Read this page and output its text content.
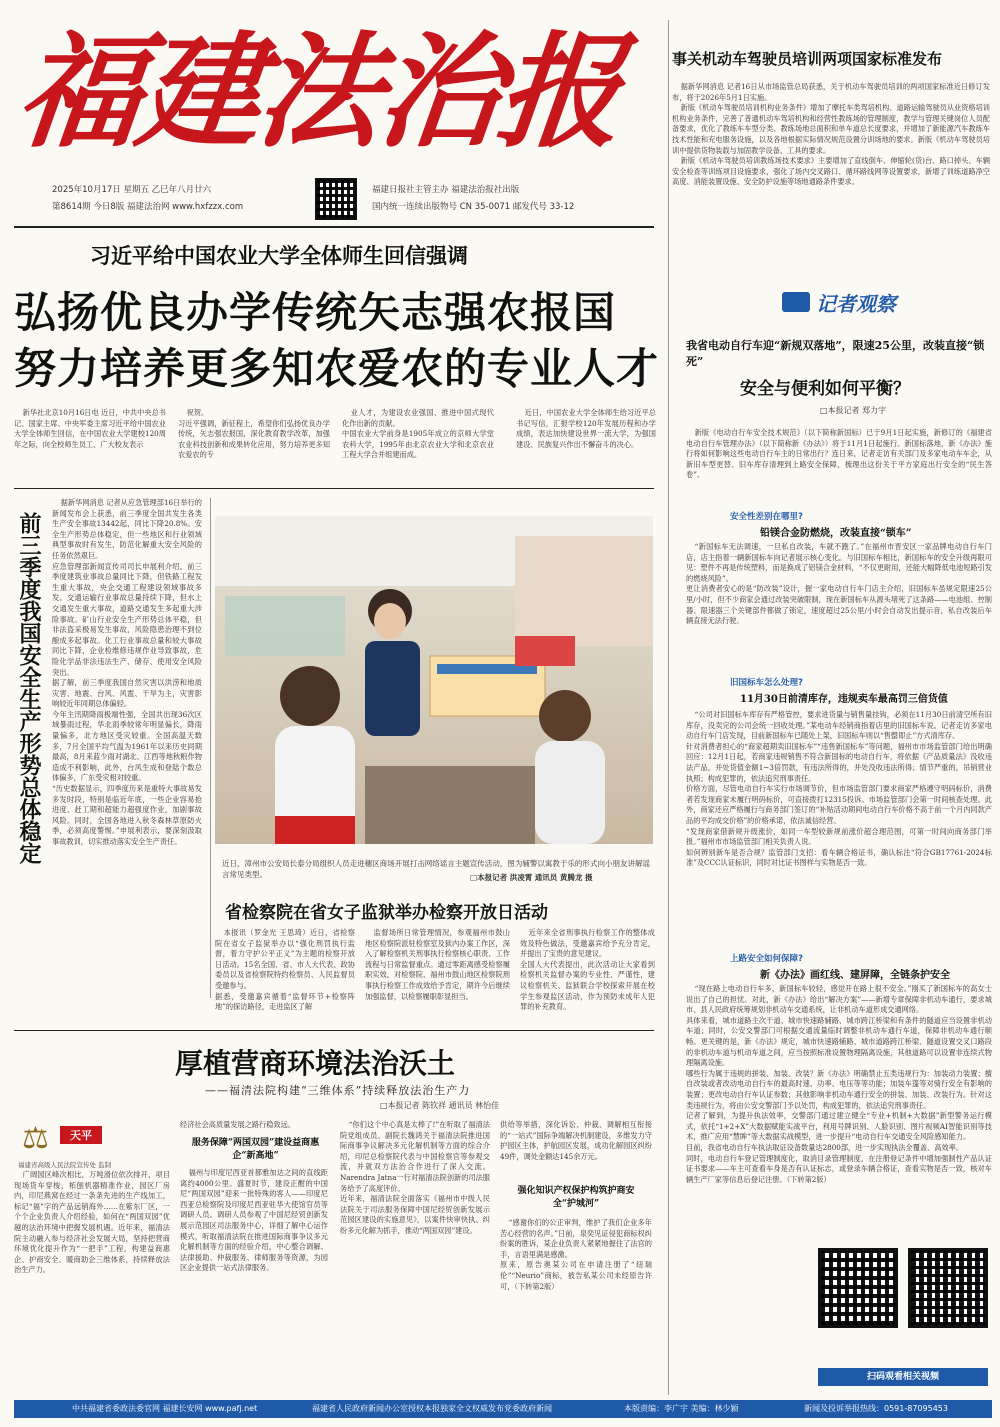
福建法治报
2025年10月17日 星期五 乙巳年八月廿六
第8614期 今日8版 福建法治网 www.hxfzzx.com
福建日报社主管主办 福建法治报社出版
国内统一连续出版物号 CN 35-0071 邮发代号 33-12
事关机动车驾驶员培训两项国家标准发布

据新华网消息 记者16日从市场监管总局获悉，关于机动车驾驶员培训的两项国家标准近日修订发布，将于2026年5月1日实施。

新版《机动车驾驶员培训机构业务条件》增加了摩托车类驾培机构、道路运输驾驶员从业资格培训机构业务条件，完善了普通机动车驾培机构和经营性教练场的管理制度，教学与管理关键岗位人员配备要求，优化了教练车车型分类、教练场地总面积和单车道总长度要求，并增加了新能源汽车教练车技术性能和充电服务设施，以及各地根据实际情况规范设置分训场地的要求。新版《机动车驾驶员培训中提供货物装载与加固教学设备、工具的要求。

新版《机动车驾驶员培训教练场技术要求》主要增加了直线倒车、伸缩轮(货)台、路口掉头、车辆安全检查等训练项目设施要求，强化了场内交叉路口、循环路线网等设置要求，新增了训练道路净空高度、消能装置设施、安全防护设施等场地通路条件要求。

习近平给中国农业大学全体师生回信强调
弘扬优良办学传统矢志强农报国
努力培养更多知农爱农的专业人才

新华社北京10月16日电 近日，中共中央总书记、国家主席、中央军委主席习近平给中国农业大学全体师生回信，在中国农业大学建校120周年之际，向全校师生员工、广大校友表示

祝贺。
习近平强调，新征程上，希望你们弘扬优良办学传统，矢志强农报国，深化教育教学改革，加强农业科技创新和成果转化应用，努力培养更多知农爱农的专

业人才，为建设农业强国、推进中国式现代化作出新的贡献。
中国农业大学前身是1905年成立的京师大学堂农科大学，1995年由北京农业大学和北京农业工程大学合并组建而成。

近日，中国农业大学全体师生给习近平总书记写信，汇报学校120年发展历程和办学成绩，表达加快建设世界一流大学，为强国建设、民族复兴作出不懈奋斗的决心。

前三季度我国安全生产形势总体稳定

据新华网消息 记者从应急管理部16日举行的新闻发布会上获悉，前三季度全国共发生各类生产安全事故13442起，同比下降20.8%。安全生产形势总体稳定，但一些地区和行业领域典型事故时有发生，防范化解重大安全风险的任务依然艰巨。
应急管理部新闻宣传司司长申展利介绍，前三季度建筑业事故总量同比下降，但铁路工程发生重大事故，央企交通工程建设领域事故多发。交通运输行业事故总量持续下降，但水上交通发生重大事故，道路交通发生多起重大涉险事故。矿山行业安全生产形势总体平稳，但非法盗采极易发生事故，风险隐患治理不到位酿成多起事故。化工行业事故总量和较大事故同比下降，企业检维修违规作业导致事故，危险化学品非法违法生产、储存、使用安全风险突出。
据了解，前三季度我国自然灾害以洪涝和地质灾害、地震、台风、风雹、干旱为主，灾害影响较近年同期总体偏轻。
今年主汛期降雨极端性强，全国共出现36次区域暴雨过程，华北雨季较常年明显偏长，降雨量偏多，北方地区受灾较重。全国高温天数多，7月全国平均气温为1961年以来历史同期最高，8月来蓝少雨对湖北、江西等地秋粮作物造成不利影响，此外，台风生成和登陆个数总体偏多，广东受灾相对较重。
“历史数据显示，四季度历来是重特大事故易发多发时段，特别是临近年底，一些企业容易抢进度、赶工期和超能力超强度作业，加剧事故风险。同时，全国各地进入秋冬森林草原防火季，必须高度警惕。”申展利表示，要深刻汲取事故教训，切实推动落实安全生产责任。

近日，漳州市公安局长泰分局组织人员走进穗区商场开展打击网络谣言主题宣传活动，图为辅警以寓教于乐的形式向小朋友讲解谣言常见类型。	□本报记者 洪凌霄 通讯员 黄腾龙 摄
省检察院在省女子监狱举办检察开放日活动

本报讯（罗金光 王思琦）近日，省检察院在省女子监狱举办以“强化刑罚执行监督，着力守护公平正义”为主题的检察开放日活动。15名全国、省、市人大代表、政协委员以及省检察院特约检察员、人民监督员受邀参与。
据悉，受邀嘉宾循着“监督环节+检察阵地”的探访路径，走进监区了解

监督场所日常管理情况，参观福州市鼓山地区检察院派驻检察室及狱内办案工作区，深入了解检察机关刑事执行检察核心职责、工作流程与日常监督重点。通过零距离感受检察履职实效，对检察院、福州市鼓山地区检察院刑事执行检察工作成效给予肯定，期许今后继续加强监督，以检察履职彰显担当。

近年来全省刑事执行检察工作的整体成效及特色做法，受邀嘉宾给予充分肯定，并提出了宝贵的意见建议。
全国人大代表提出，此次活动让大家看到检察机关监督办案的专业性、严谨性，建议检察机关、监狱联合学校探索开展在校学生参观监区活动，作为预防未成年人犯罪的补充教育。

厚植营商环境法治沃土
——福清法院构建“三维体系”持续释放法治生产力
□本报记者 陈钦祥 通讯员 林怡佳
⚖	天平
福建省高级人民法院宣传处 监制

广阔园区峰次相比，万吨滑位依次排开，项目现场货车穿梭，柘刨机器精准作业，园区厂房内，印尼燕窝在经过一条条先进的生产线加工，标记“福”字的产品远销海外……在紫东厂区，一个个企业负责人介绍经验，如何在“两国双园”优越的法治环境中把握发展机遇。近年来，福清法院主动融入参与经济社会发展大局，坚持把营商环境优化提升作为“一把手”工程，构建益商惠企、护商安全、暖商助企三维体系，持续释放法治生产力。

经济社会高质量发展之路行稳致远。

服务保障“两国双园”建设益商惠企“新高地”

福州与印度尼西亚首都雅加达之间的直线距离约4000公里。盛夏时节，建设正酣的中国尼“两国双园”迎来一批特殊的客人——印度尼西亚总检察院及印度尼西亚驻华大使馆官员等调研人员。调研人员参观了中国尼经贸创新发展示范园区司法服务中心，详细了解中心运作模式，听取福清法院在推进国际商事争议多元化解机制等方面的经验介绍，中心整合调解、法律援助、仲裁服务、律师服务等资源，为园区企业提供一站式法律服务。

“你们这个中心真是太棒了!”在听取了福清法院党组成员、副院长魏鸿关于福清法院推进国际商事争议解决多元化解机制等方面的综合介绍，印尼总检察院代表与中国检察官等参观交流，并就双方法治合作进行了深入交流。Narendra Jatna一行对福清法院创新的司法服务给予了高度评价。
近年来，福清法院全面落实《福州市中级人民法院关于司法服务保障中国尼经贸创新发展示范园区建设的实施意见》，以案件快审快执、纠纷多元化解为抓手，推动“两国双园”建设。

供给等举措，深化诉讼、仲裁、调解相互衔接的“一站式”国际争端解决机制建设，多维发力守护园区主体，护航园区发展，成功化解园区纠纷49件，调处金额达145余万元。

强化知识产权保护构筑护商安全“护城河”

“感谢你们的公正审判，维护了我们企业多年苦心经营的名声。”日前，泉奕见证侵犯商标权纠纷案的胜诉，某企业负责人紧紧地握住了法官的手，言语里满是感激。
原来，原告奥某公司在申请注册了“纽瑞伦”“Neurio”商标，被告私某公司未经原告许可，（下转第2版）

记者观察
我省电动自行车迎“新规双落地”，限速25公里，改装直接“锁死”
安全与便利如何平衡？
□本报记者 郑力宇

新版《电动自行车安全技术规范》（以下简称新国标）已于9月1日起实施，新修订的《福建省电动自行车管理办法》（以下简称新《办法》）将于11月1日起施行。新国标落地，新《办法》施行将如何影响这些电动自行车主的日常出行？连日来，记者走访有关部门及多家电动车车企，从新旧车型更替、旧车库存清理到上路安全保障，梳理出这份关于平方家庭出行安全的“民生答卷”。

安全性差别在哪里?
铅镁合金防燃烧，改装直接“锁车”

“新国标车无法调速，一旦私自改装，车就不跑了。”在福州市晋安区一家品牌电动自行车门店，店主指着一辆新国标车向记者展示核心变化。与旧国标车相比，新国标车的安全升级再限可见：塑件不再是传统塑料，而是换成了铝镁合金材料，“不仅更耐用，还能大幅降低电池短路引发的燃烧风险”。
更让消费者安心的是“防改装”设计，握一家电动自行车门店主介绍，旧国标车虽规定限速25公里/小时，但不少商家会通过改装突破限制，现在新国标车从源头堵死了这条路——电池组、控制器、限速器三个关键部件都做了锁定，速度超过25公里/小时会自动发出提示音，私自改装后车辆直接无法行驶。

旧国标车怎么处理?
11月30日前清库存，违规卖车最高罚三倍货值

“公司对旧国标车库存有严格管控，要求进货量与销售量挂钩，必须在11月30日前清空所有旧库存，没卖完的公司会统一回收处理。”某电动车经销商指着店里的旧国标车说。记者走访多家电动自行车门店发现，目前新国标车已随处上架，旧国标车则以“售罄即止”方式清库存。
针对消费者担心的“商家超期卖旧国标车”“违售新国标车”等问题，福州市市场监管部门给出明确回应：12月1日起，若商家违规销售不符合新国标的电动自行车，将依据《产品质量法》没收违法产品，并处货值金额1~3倍罚款，有违法所得的，并处没收违法所得；情节严重的，吊销营业执照；构成犯罪的，依法追究刑事责任。
价格方面，尽管电动自行车实行市场调节价，但市场监管部门要求商家严格遵守明码标价，消费者若发现商家未履行明码标价，可直接拨打12315投诉。市场监管部门会第一时间核查处理。此外，商家还应严格履行与商务部门签订的“补贴活动期间电动自行车价格不高于前一个月内同款产品的平均成交价格”的价格承诺，依法诚信经营。
“发现商家借新规升级涨价，如同一车型较新规前涨价超合理范围，可第一时间向商务部门举报。”福州市市场监管部门相关负责人说。
如何辨别新车是否合规？监管部门支招：看车辆合格证书，确认标注“符合GB17761-2024标准”及CCC认证标识，同时对比证书图样与实物是否一致。

上路安全如何保障?
新《办法》画红线、建屏障，全链条护安全

“现在路上电动自行车多，新国标车较轻，感觉开在路上很不安全。”刚买了新国标车的高女士说出了自己的担忧。对此，新《办法》给出“解决方案”——新增专章保障非机动车通行，要求城市、县人民政府统筹规划非机动车交通系统，让非机动车道形成交通网络。
具体来看，城市道路主次干道、城市快速路辅路、城市跨江桥梁和有条件的隧道应当设置非机动车道；同时，公安交警部门可根据交通流量临时调整非机动车通行车道，保障非机动车通行顺畅。更关键的是，新《办法》规定，城市快速路辅路、城市道路跨江桥梁、隧道设置交叉口路段的非机动车道与机动车道之间，应当按照标准设置物理隔离设施，其他道路可以设置非连续式物理隔离设施。
哪些行为属于违规的拼装、加装、改装？新《办法》明确禁止五类违规行为：加装动力装置；擅自改装或者改动电动自行车的最高时速、功率、电压等等功能；加装车篷等对骑行安全有影响的装置；更改电动自行车认证参数；其他影响非机动车通行安全的拼装、加装、改装行为。针对这类违规行为，将由公安交警部门予以处罚，构成犯罪的，依法追究刑事责任。
记者了解到，为提升执法效率，交警部门通过建立健全“专业+机制+大数据”新型警务运行模式，依托“1+2+X”大数据赋能实战平台，利用号牌识别、人脸识别、图片视频AI智能识别等技术，推广应用“慧眸”等大数据实战模型，进一步提升“电动自行车交通安全风险感知能力。
目前，我省电动自行车执法取证设备数量达2800部，进一步实现执法全覆盖、高效率。
同时，电动自行车登记管理制度化，取消目录管理制度，在注册登记条件中增加强制性产品认证证书要求——车主可查看车身是否有认证标志，或登录车辆合格证，查看实物是否一致，核对车辆生产厂家等信息后登记注册。（下转第2版）

扫码观看相关视频
中共福建省委政法委官网 福建长安网 www.pafj.net	福建省人民政府新闻办公室授权本报独家全文权威发布党委政府新闻	本版责编：李广宇 美编：林少颖	新闻及投诉举报热线：0591-87095453
